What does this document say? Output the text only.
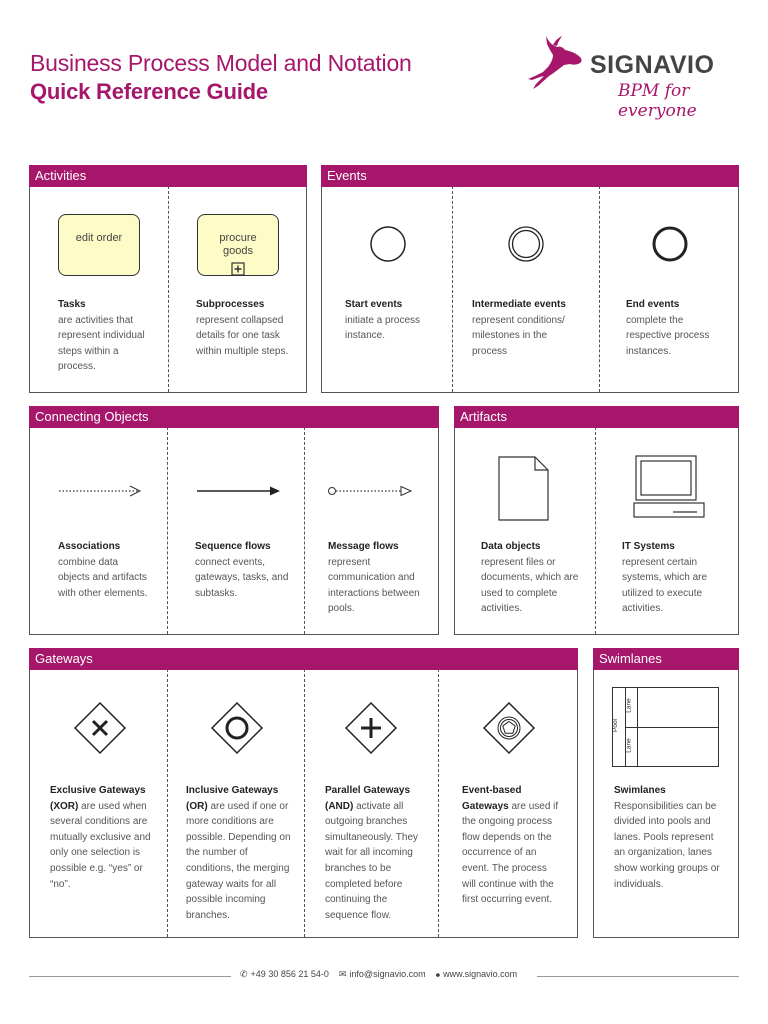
Business Process Model and Notation
Quick Reference Guide
SIGNAVIO
BPM for everyone
Activities
edit order
Tasks
are activities that represent individual steps within a process.
procure goods
Subprocesses
represent collapsed details for one task within multiple steps.
Events
Start events
initiate a process instance.
Intermediate events
represent conditions/ milestones in the process
End events
complete the respective process instances.
Connecting Objects
Associations
combine data objects and artifacts with other elements.
Sequence flows
connect events, gateways, tasks, and subtasks.
Message flows
represent communication and interactions between pools.
Artifacts
Data objects
represent files or documents, which are used to complete activities.
IT Systems
represent certain systems, which are utilized to execute activities.
Gateways
Exclusive Gateways (XOR) are used when several conditions are mutually exclusive and only one selection is possible e.g. “yes” or “no”.
Inclusive Gateways (OR) are used if one or more conditions are possible. Depending on the number of conditions, the merging gateway waits for all possible incoming branches.
Parallel Gateways (AND) activate all outgoing branches simultaneously. They wait for all incoming branches to be completed before continuing the sequence flow.
Event-based Gateways are used if the ongoing process flow depends on the occurrence of an event. The process will continue with the first occurring event.
Swimlanes
Pool
Lane
Lane
Swimlanes
Responsibilities can be divided into pools and lanes. Pools represent an organization, lanes show working groups or individuals.
✆ +49 30 856 21 54-0 ✉ info@signavio.com ⦁ www.signavio.com
